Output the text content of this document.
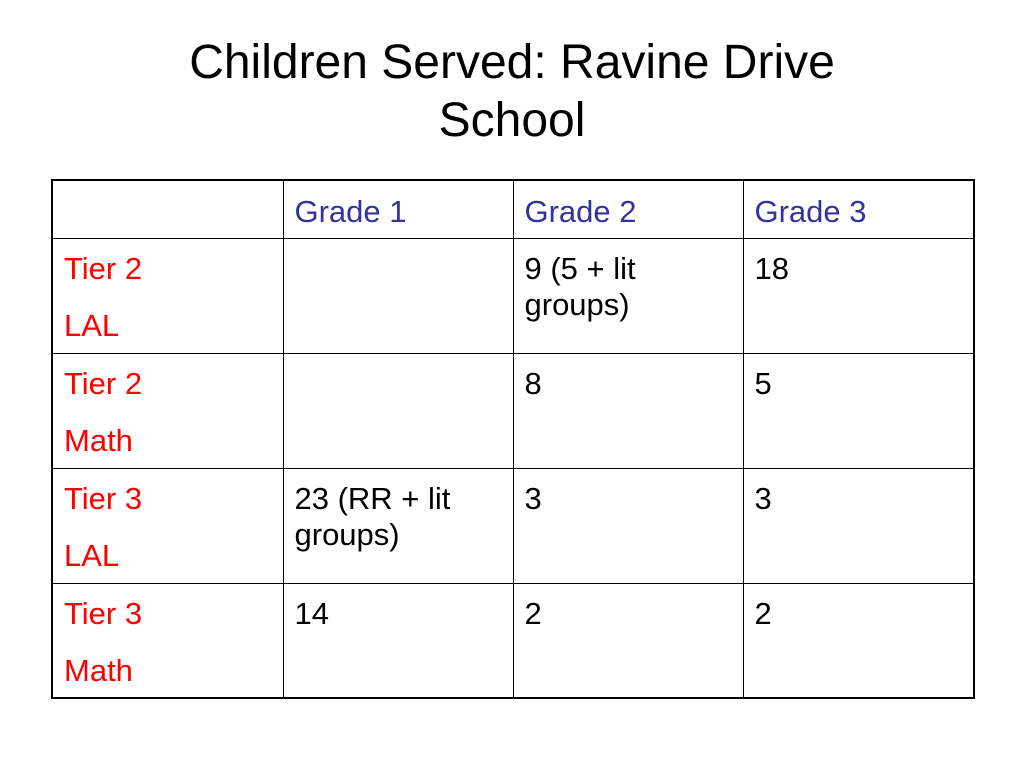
Children Served: Ravine Drive
School
	Grade 1	Grade 2	Grade 3

Tier 2
LAL		9 (5 + lit groups)	18

Tier 2
Math		8	5

Tier 3
LAL	23 (RR + lit groups)	3	3

Tier 3
Math	14	2	2
